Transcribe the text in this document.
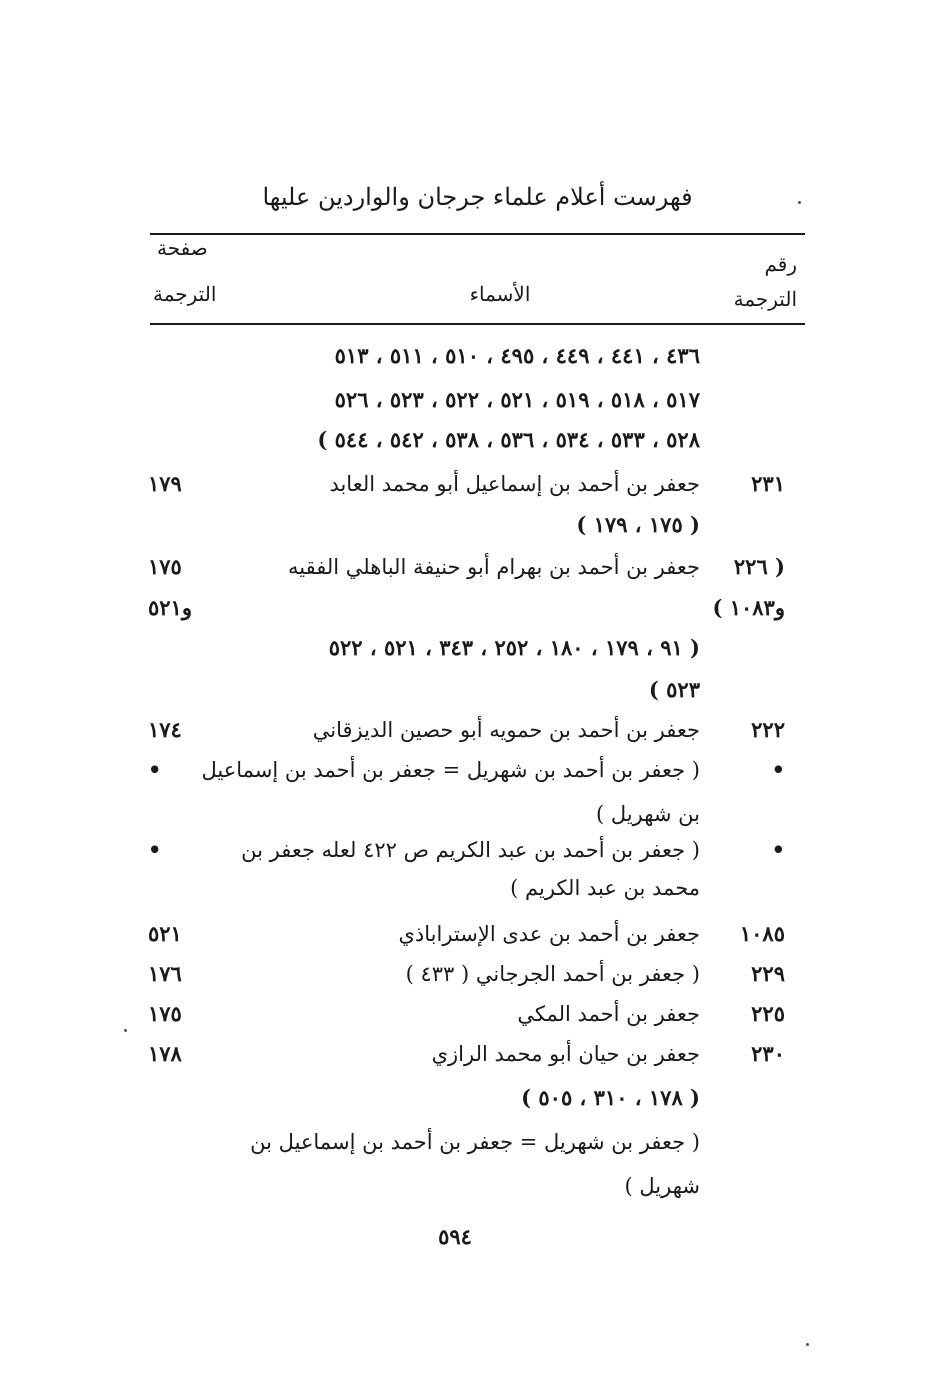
فهرست أعلام علماء جرجان والواردين عليها
رقم
الترجمة
الأسماء
صفحة
الترجمة
٤٣٦ ، ٤٤١ ، ٤٤٩ ، ٤٩٥ ، ٥١٠ ، ٥١١ ، ٥١٣
٥١٧ ، ٥١٨ ، ٥١٩ ، ٥٢١ ، ٥٢٢ ، ٥٢٣ ، ٥٢٦
٥٢٨ ، ٥٣٣ ، ٥٣٤ ، ٥٣٦ ، ٥٣٨ ، ٥٤٢ ، ٥٤٤ )
٢٣١
جعفر بن أحمد بن إسماعيل أبو محمد العابد
١٧٩
( ١٧٥ ، ١٧٩ )
( ٢٢٦
جعفر بن أحمد بن بهرام أبو حنيفة الباهلي الفقيه
١٧٥
و١٠٨٣ )
و٥٢١
( ٩١ ، ١٧٩ ، ١٨٠ ، ٢٥٢ ، ٣٤٣ ، ٥٢١ ، ٥٢٢
٥٢٣ )
٢٢٢
جعفر بن أحمد بن حمويه أبو حصين الديزقاني
١٧٤
•
( جعفر بن أحمد بن شهريل = جعفر بن أحمد بن إسماعيل
•
بن شهريل )
•
( جعفر بن أحمد بن عبد الكريم ص ٤٢٢ لعله جعفر بن
•
محمد بن عبد الكريم )
١٠٨٥
جعفر بن أحمد بن عدى الإستراباذي
٥٢١
٢٢٩
( جعفر بن أحمد الجرجاني ( ٤٣٣ )
١٧٦
٢٢٥
جعفر بن أحمد المكي
١٧٥
٢٣٠
جعفر بن حيان أبو محمد الرازي
١٧٨
( ١٧٨ ، ٣١٠ ، ٥٠٥ )
( جعفر بن شهريل = جعفر بن أحمد بن إسماعيل بن
شهريل )
٥٩٤
